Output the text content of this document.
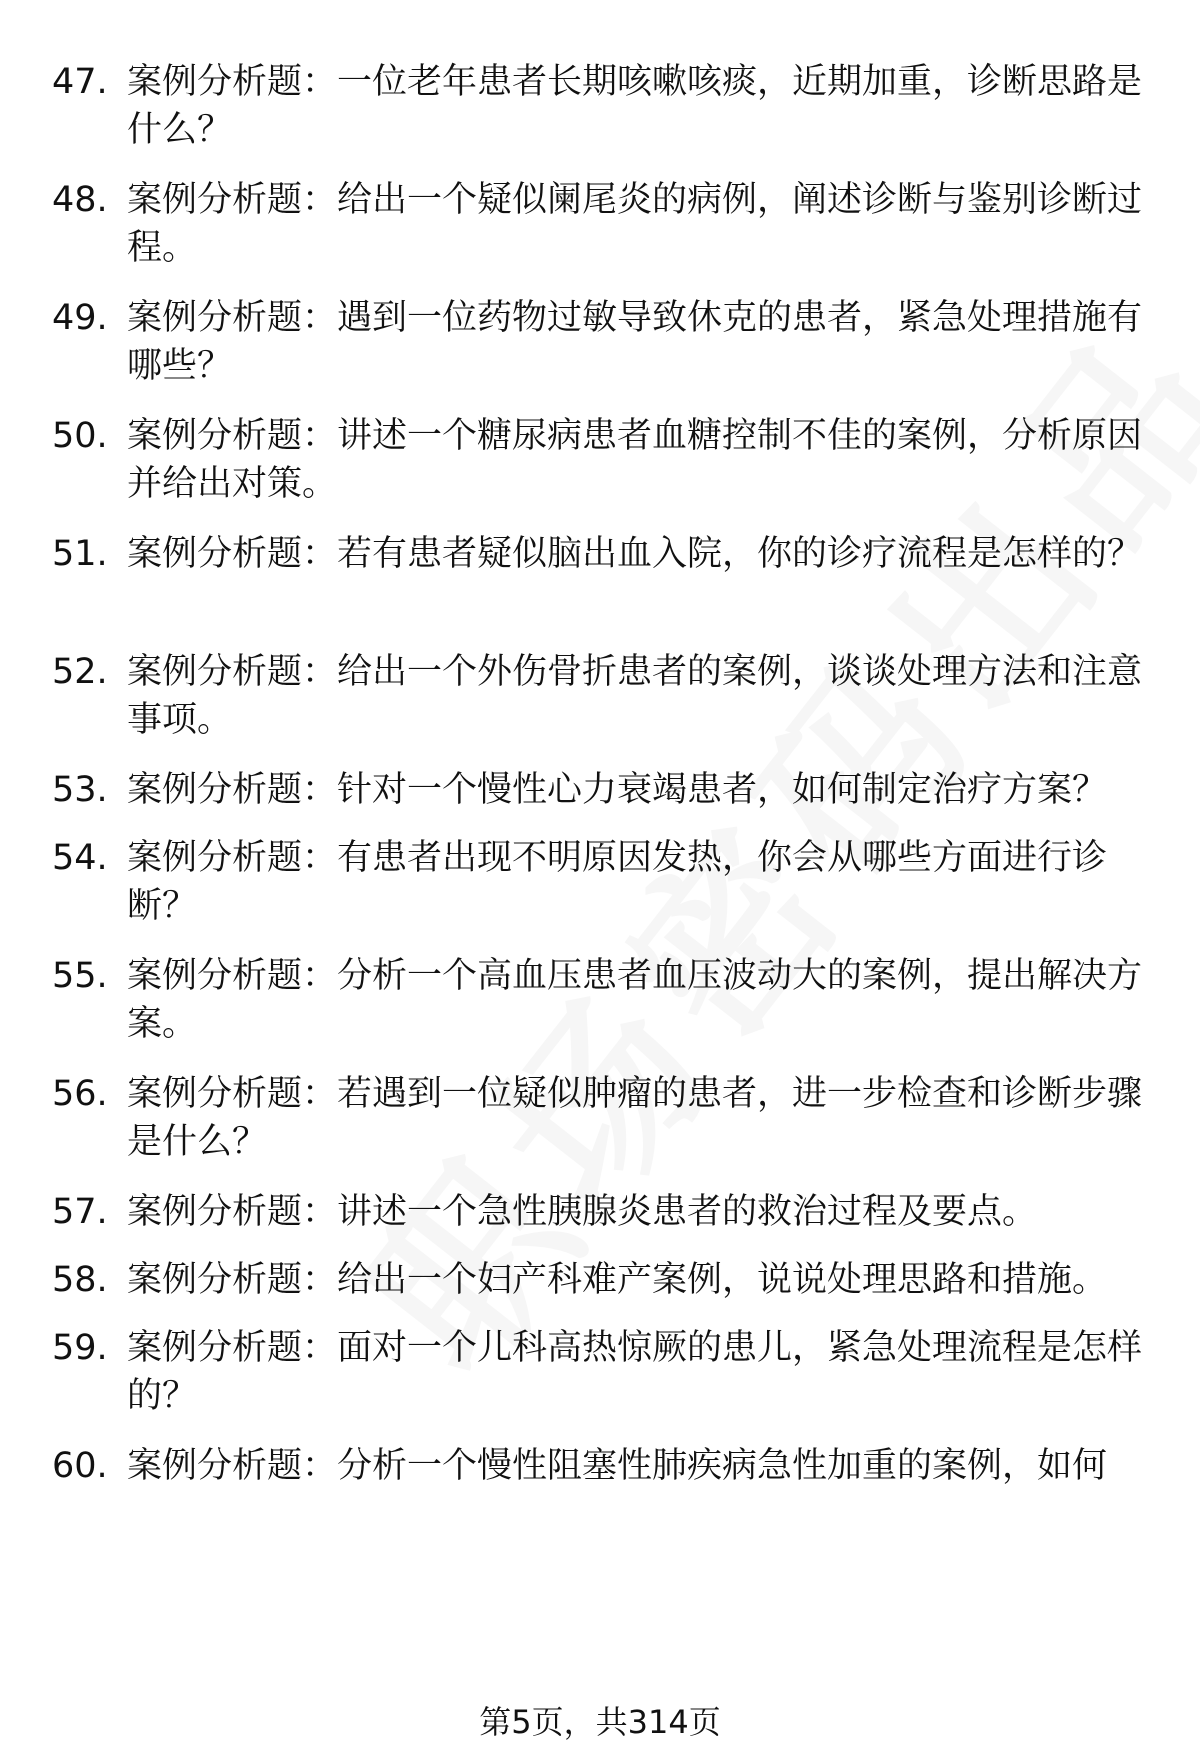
47. 案例分析题：一位老年患者长期咳嗽咳痰，近期加重，诊断思路是什么？
48. 案例分析题：给出一个疑似阑尾炎的病例，阐述诊断与鉴别诊断过程。
49. 案例分析题：遇到一位药物过敏导致休克的患者，紧急处理措施有哪些？
50. 案例分析题：讲述一个糖尿病患者血糖控制不佳的案例，分析原因并给出对策。
51. 案例分析题：若有患者疑似脑出血入院，你的诊疗流程是怎样的？
52. 案例分析题：给出一个外伤骨折患者的案例，谈谈处理方法和注意事项。
53. 案例分析题：针对一个慢性心力衰竭患者，如何制定治疗方案？
54. 案例分析题：有患者出现不明原因发热，你会从哪些方面进行诊断？
55. 案例分析题：分析一个高血压患者血压波动大的案例，提出解决方案。
56. 案例分析题：若遇到一位疑似肿瘤的患者，进一步检查和诊断步骤是什么？
57. 案例分析题：讲述一个急性胰腺炎患者的救治过程及要点。
58. 案例分析题：给出一个妇产科难产案例，说说处理思路和措施。
59. 案例分析题：面对一个儿科高热惊厥的患儿，紧急处理流程是怎样的？
60. 案例分析题：分析一个慢性阻塞性肺疾病急性加重的案例，如何
第5页，共314页
